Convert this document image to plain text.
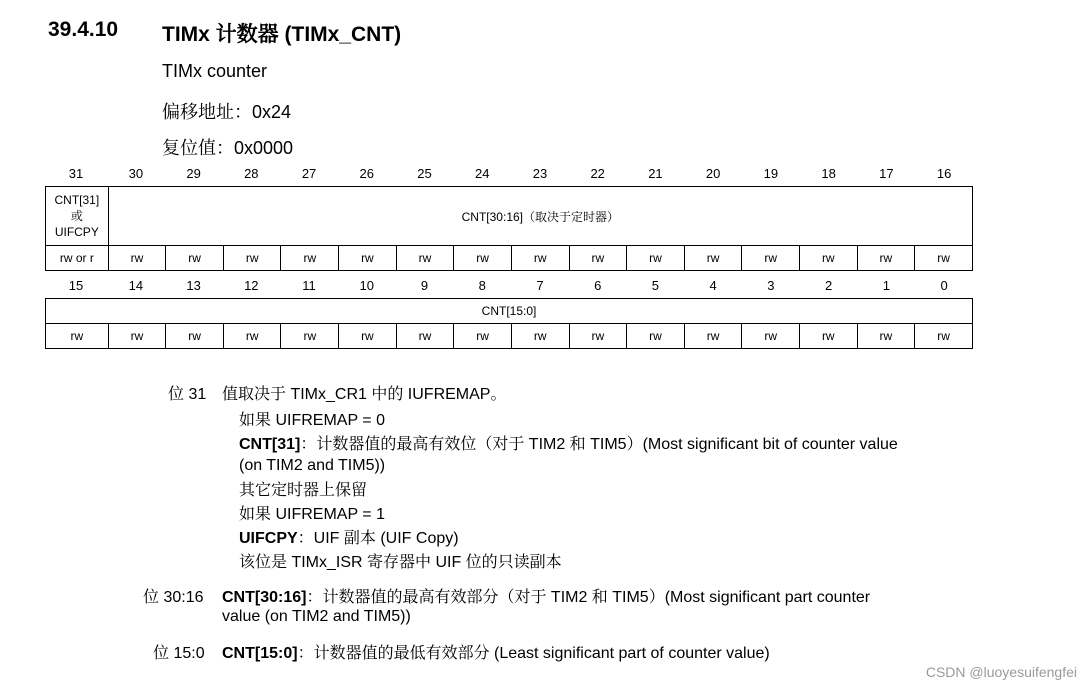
39.4.10 TIMx 计数器 (TIMx_CNT)
TIMx counter
偏移地址：0x24
复位值：0x0000
31	30	29	28	27	26	25	24	23	22	21	20	19	18	17	16
CNT[31]
或
UIFCPY	CNT[30:16]（取决于定时器）														
rw or r	rw	rw	rw	rw	rw	rw	rw	rw	rw	rw	rw	rw	rw	rw	rw
15	14	13	12	11	10	9	8	7	6	5	4	3	2	1	0
CNT[15:0]
rw	rw	rw	rw	rw	rw	rw	rw	rw	rw	rw	rw	rw	rw	rw	rw
位 31 值取决于 TIMx_CR1 中的 IUFREMAP。
如果 UIFREMAP = 0
CNT[31]：计数器值的最高有效位（对于 TIM2 和 TIM5）(Most significant bit of counter value
(on TIM2 and TIM5))
其它定时器上保留
如果 UIFREMAP = 1
UIFCPY：UIF 副本 (UIF Copy)
该位是 TIMx_ISR 寄存器中 UIF 位的只读副本
位 30:16 CNT[30:16]：计数器值的最高有效部分（对于 TIM2 和 TIM5）(Most significant part counter
value (on TIM2 and TIM5))
位 15:0 CNT[15:0]：计数器值的最低有效部分 (Least significant part of counter value)
CSDN @luoyesuifengfei
